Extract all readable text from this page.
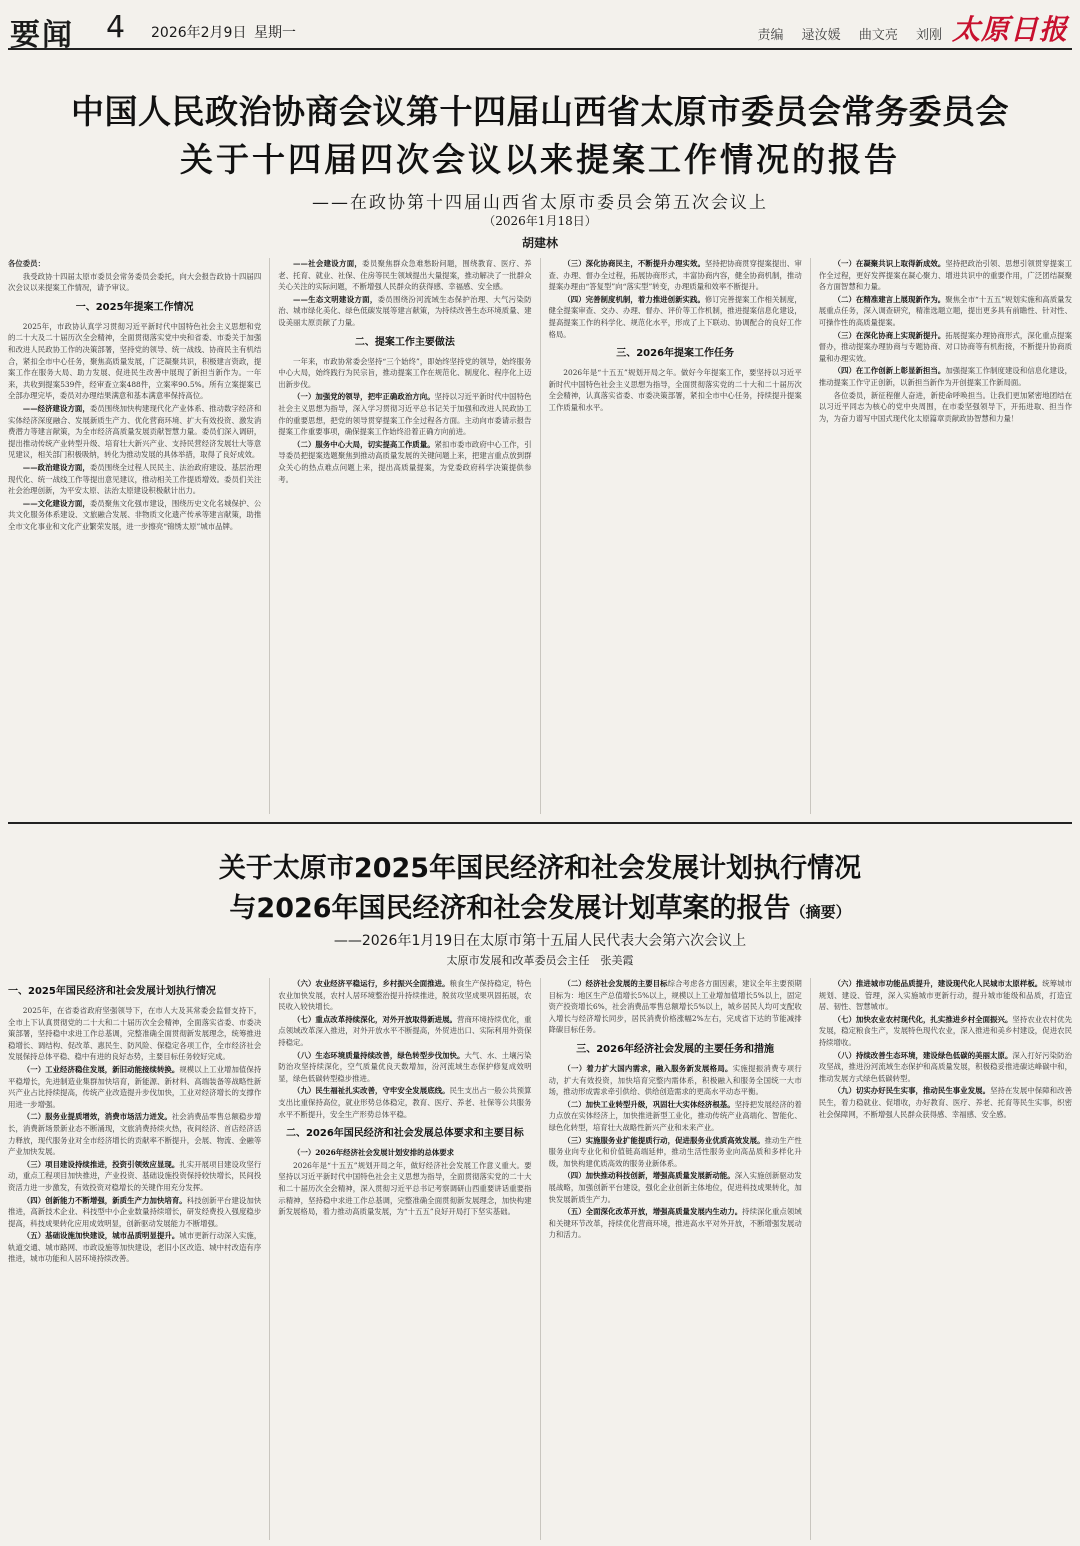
要闻 4 2026年2月9日 星期一	责编 逯汝媛 曲文亮 刘刚 太原日报
中国人民政治协商会议第十四届山西省太原市委员会常务委员会
关于十四届四次会议以来提案工作情况的报告
——在政协第十四届山西省太原市委员会第五次会议上
（2026年1月18日）
胡建林

各位委员：

我受政协十四届太原市委员会常务委员会委托，向大会报告政协十四届四次会议以来提案工作情况，请予审议。

一、2025年提案工作情况

2025年，市政协认真学习贯彻习近平新时代中国特色社会主义思想和党的二十大及二十届历次全会精神，全面贯彻落实党中央和省委、市委关于加强和改进人民政协工作的决策部署，坚持党的领导、统一战线、协商民主有机结合，紧扣全市中心任务，聚焦高质量发展，广泛凝聚共识，积极建言资政，提案工作在服务大局、助力发展、促进民生改善中展现了新担当新作为。一年来，共收到提案539件，经审查立案488件，立案率90.5%。所有立案提案已全部办理完毕，委员对办理结果满意和基本满意率保持高位。

——经济建设方面，委员围绕加快构建现代化产业体系、推动数字经济和实体经济深度融合、发展新质生产力、优化营商环境、扩大有效投资、激发消费潜力等建言献策，为全市经济高质量发展贡献智慧力量。委员们深入调研，提出推动传统产业转型升级、培育壮大新兴产业、支持民营经济发展壮大等意见建议，相关部门积极吸纳，转化为推动发展的具体举措，取得了良好成效。

——政治建设方面，委员围绕全过程人民民主、法治政府建设、基层治理现代化、统一战线工作等提出意见建议，推动相关工作提质增效。委员们关注社会治理创新，为平安太原、法治太原建设积极献计出力。

——文化建设方面，委员聚焦文化强市建设，围绕历史文化名城保护、公共文化服务体系建设、文旅融合发展、非物质文化遗产传承等建言献策，助推全市文化事业和文化产业繁荣发展，进一步擦亮“锦绣太原”城市品牌。

——社会建设方面，委员聚焦群众急难愁盼问题，围绕教育、医疗、养老、托育、就业、社保、住房等民生领域提出大量提案，推动解决了一批群众关心关注的实际问题，不断增强人民群众的获得感、幸福感、安全感。

——生态文明建设方面，委员围绕汾河流域生态保护治理、大气污染防治、城市绿化美化、绿色低碳发展等建言献策，为持续改善生态环境质量、建设美丽太原贡献了力量。

二、提案工作主要做法

一年来，市政协常委会坚持“三个始终”，即始终坚持党的领导，始终服务中心大局，始终践行为民宗旨，推动提案工作在规范化、制度化、程序化上迈出新步伐。

（一）加强党的领导，把牢正确政治方向。坚持以习近平新时代中国特色社会主义思想为指导，深入学习贯彻习近平总书记关于加强和改进人民政协工作的重要思想，把党的领导贯穿提案工作全过程各方面。主动向市委请示报告提案工作重要事项，确保提案工作始终沿着正确方向前进。

（二）服务中心大局，切实提高工作质量。紧扣市委市政府中心工作，引导委员把提案选题聚焦到推动高质量发展的关键问题上来，把建言重点放到群众关心的热点难点问题上来，提出高质量提案，为党委政府科学决策提供参考。

（三）深化协商民主，不断提升办理实效。坚持把协商贯穿提案提出、审查、办理、督办全过程，拓展协商形式，丰富协商内容，健全协商机制，推动提案办理由“答复型”向“落实型”转变，办理质量和效率不断提升。

（四）完善制度机制，着力推进创新实践。修订完善提案工作相关制度，健全提案审查、交办、办理、督办、评价等工作机制，推进提案信息化建设，提高提案工作的科学化、规范化水平，形成了上下联动、协调配合的良好工作格局。

三、2026年提案工作任务

2026年是“十五五”规划开局之年。做好今年提案工作，要坚持以习近平新时代中国特色社会主义思想为指导，全面贯彻落实党的二十大和二十届历次全会精神，认真落实省委、市委决策部署，紧扣全市中心任务，持续提升提案工作质量和水平。

（一）在凝聚共识上取得新成效。坚持把政治引领、思想引领贯穿提案工作全过程，更好发挥提案在凝心聚力、增进共识中的重要作用，广泛团结凝聚各方面智慧和力量。

（二）在精准建言上展现新作为。聚焦全市“十五五”规划实施和高质量发展重点任务，深入调查研究，精准选题立题，提出更多具有前瞻性、针对性、可操作性的高质量提案。

（三）在深化协商上实现新提升。拓展提案办理协商形式，深化重点提案督办，推动提案办理协商与专题协商、对口协商等有机衔接，不断提升协商质量和办理实效。

（四）在工作创新上彰显新担当。加强提案工作制度建设和信息化建设，推动提案工作守正创新，以新担当新作为开创提案工作新局面。

各位委员，新征程催人奋进，新使命呼唤担当。让我们更加紧密地团结在以习近平同志为核心的党中央周围，在市委坚强领导下，开拓进取、担当作为，为奋力谱写中国式现代化太原篇章贡献政协智慧和力量！

关于太原市2025年国民经济和社会发展计划执行情况
与2026年国民经济和社会发展计划草案的报告（摘要）
——2026年1月19日在太原市第十五届人民代表大会第六次会议上
太原市发展和改革委员会主任　张美霞
一、2025年国民经济和社会发展计划执行情况

2025年，在省委省政府坚强领导下，在市人大及其常委会监督支持下，全市上下认真贯彻党的二十大和二十届历次全会精神，全面落实省委、市委决策部署，坚持稳中求进工作总基调，完整准确全面贯彻新发展理念，统筹推进稳增长、调结构、促改革、惠民生、防风险、保稳定各项工作，全市经济社会发展保持总体平稳、稳中有进的良好态势，主要目标任务较好完成。

（一）工业经济稳住发展，新旧动能接续转换。规模以上工业增加值保持平稳增长，先进制造业集群加快培育，新能源、新材料、高端装备等战略性新兴产业占比持续提高，传统产业改造提升步伐加快，工业对经济增长的支撑作用进一步增强。

（二）服务业提质增效，消费市场活力迸发。社会消费品零售总额稳步增长，消费新场景新业态不断涌现，文旅消费持续火热，夜间经济、首店经济活力释放，现代服务业对全市经济增长的贡献率不断提升，会展、物流、金融等产业加快发展。

（三）项目建设持续推进，投资引领效应显现。扎实开展项目建设攻坚行动，重点工程项目加快推进，产业投资、基础设施投资保持较快增长，民间投资活力进一步激发，有效投资对稳增长的关键作用充分发挥。

（四）创新能力不断增强，新质生产力加快培育。科技创新平台建设加快推进，高新技术企业、科技型中小企业数量持续增长，研发经费投入强度稳步提高，科技成果转化应用成效明显，创新驱动发展能力不断增强。

（五）基础设施加快建设，城市品质明显提升。城市更新行动深入实施，轨道交通、城市路网、市政设施等加快建设，老旧小区改造、城中村改造有序推进，城市功能和人居环境持续改善。

（六）农业经济平稳运行，乡村振兴全面推进。粮食生产保持稳定，特色农业加快发展，农村人居环境整治提升持续推进，脱贫攻坚成果巩固拓展，农民收入较快增长。

（七）重点改革持续深化，对外开放取得新进展。营商环境持续优化，重点领域改革深入推进，对外开放水平不断提高，外贸进出口、实际利用外资保持稳定。

（八）生态环境质量持续改善，绿色转型步伐加快。大气、水、土壤污染防治攻坚持续深化，空气质量优良天数增加，汾河流域生态保护修复成效明显，绿色低碳转型稳步推进。

（九）民生福祉扎实改善，守牢安全发展底线。民生支出占一般公共预算支出比重保持高位，就业形势总体稳定，教育、医疗、养老、社保等公共服务水平不断提升，安全生产形势总体平稳。

二、2026年国民经济和社会发展总体要求和主要目标

（一）2026年经济社会发展计划安排的总体要求

2026年是“十五五”规划开局之年，做好经济社会发展工作意义重大。要坚持以习近平新时代中国特色社会主义思想为指导，全面贯彻落实党的二十大和二十届历次全会精神，深入贯彻习近平总书记考察调研山西重要讲话重要指示精神，坚持稳中求进工作总基调，完整准确全面贯彻新发展理念，加快构建新发展格局，着力推动高质量发展，为“十五五”良好开局打下坚实基础。

（二）经济社会发展的主要目标综合考虑各方面因素，建议全年主要预期目标为：地区生产总值增长5%以上，规模以上工业增加值增长5%以上，固定资产投资增长6%，社会消费品零售总额增长5%以上，城乡居民人均可支配收入增长与经济增长同步，居民消费价格涨幅2%左右，完成省下达的节能减排降碳目标任务。

三、2026年经济社会发展的主要任务和措施

（一）着力扩大国内需求，融入服务新发展格局。实施提振消费专项行动，扩大有效投资，加快培育完整内需体系，积极融入和服务全国统一大市场，推动形成需求牵引供给、供给创造需求的更高水平动态平衡。

（二）加快工业转型升级，巩固壮大实体经济根基。坚持把发展经济的着力点放在实体经济上，加快推进新型工业化，推动传统产业高端化、智能化、绿色化转型，培育壮大战略性新兴产业和未来产业。

（三）实施服务业扩能提质行动，促进服务业优质高效发展。推动生产性服务业向专业化和价值链高端延伸，推动生活性服务业向高品质和多样化升级，加快构建优质高效的服务业新体系。

（四）加快推动科技创新，增强高质量发展新动能。深入实施创新驱动发展战略，加强创新平台建设，强化企业创新主体地位，促进科技成果转化，加快发展新质生产力。

（五）全面深化改革开放，增强高质量发展内生动力。持续深化重点领域和关键环节改革，持续优化营商环境，推进高水平对外开放，不断增强发展动力和活力。

（六）推进城市功能品质提升，建设现代化人民城市太原样板。统筹城市规划、建设、管理，深入实施城市更新行动，提升城市能级和品质，打造宜居、韧性、智慧城市。

（七）加快农业农村现代化，扎实推进乡村全面振兴。坚持农业农村优先发展，稳定粮食生产，发展特色现代农业，深入推进和美乡村建设，促进农民持续增收。

（八）持续改善生态环境，建设绿色低碳的美丽太原。深入打好污染防治攻坚战，推进汾河流域生态保护和高质量发展，积极稳妥推进碳达峰碳中和，推动发展方式绿色低碳转型。

（九）切实办好民生实事，推动民生事业发展。坚持在发展中保障和改善民生，着力稳就业、促增收，办好教育、医疗、养老、托育等民生实事，织密社会保障网，不断增强人民群众获得感、幸福感、安全感。
